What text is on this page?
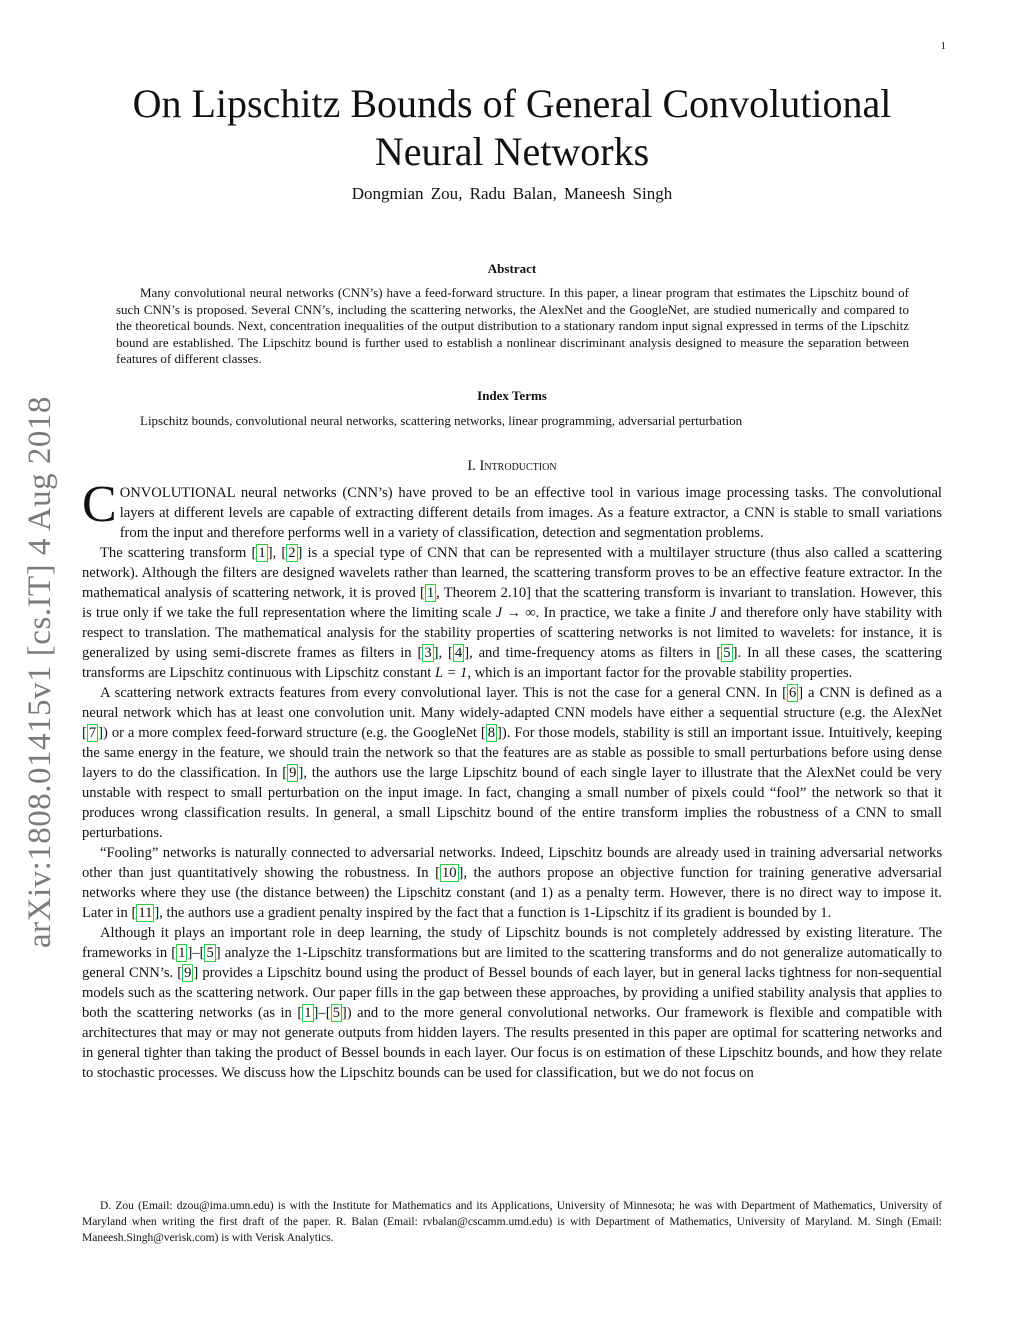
1
arXiv:1808.01415v1 [cs.IT] 4 Aug 2018
On Lipschitz Bounds of General Convolutional
Neural Networks
Dongmian Zou, Radu Balan, Maneesh Singh
Abstract

Many convolutional neural networks (CNN’s) have a feed-forward structure. In this paper, a linear program that estimates the Lipschitz bound of such CNN’s is proposed. Several CNN’s, including the scattering networks, the AlexNet and the GoogleNet, are studied numerically and compared to the theoretical bounds. Next, concentration inequalities of the output distribution to a stationary random input signal expressed in terms of the Lipschitz bound are established. The Lipschitz bound is further used to establish a nonlinear discriminant analysis designed to measure the separation between features of different classes.

Index Terms

Lipschitz bounds, convolutional neural networks, scattering networks, linear programming, adversarial perturbation

I. Introduction

CONVOLUTIONAL neural networks (CNN’s) have proved to be an effective tool in various image processing tasks. The convolutional layers at different levels are capable of extracting different details from images. As a feature extractor, a CNN is stable to small variations from the input and therefore performs well in a variety of classification, detection and segmentation problems.

The scattering transform [ 1 ], [ 2 ] is a special type of CNN that can be represented with a multilayer structure (thus also called a scattering network). Although the filters are designed wavelets rather than learned, the scattering transform proves to be an effective feature extractor. In the mathematical analysis of scattering network, it is proved [ 1 , Theorem 2.10] that the scattering transform is invariant to translation. However, this is true only if we take the full representation where the limiting scale J → ∞. In practice, we take a finite J and therefore only have stability with respect to translation. The mathematical analysis for the stability properties of scattering networks is not limited to wavelets: for instance, it is generalized by using semi-discrete frames as filters in [ 3 ], [ 4 ], and time-frequency atoms as filters in [ 5 ]. In all these cases, the scattering transforms are Lipschitz continuous with Lipschitz constant L = 1, which is an important factor for the provable stability properties.

A scattering network extracts features from every convolutional layer. This is not the case for a general CNN. In [ 6 ] a CNN is defined as a neural network which has at least one convolution unit. Many widely-adapted CNN models have either a sequential structure (e.g. the AlexNet [ 7 ]) or a more complex feed-forward structure (e.g. the GoogleNet [ 8 ]). For those models, stability is still an important issue. Intuitively, keeping the same energy in the feature, we should train the network so that the features are as stable as possible to small perturbations before using dense layers to do the classification. In [ 9 ], the authors use the large Lipschitz bound of each single layer to illustrate that the AlexNet could be very unstable with respect to small perturbation on the input image. In fact, changing a small number of pixels could “fool” the network so that it produces wrong classification results. In general, a small Lipschitz bound of the entire transform implies the robustness of a CNN to small perturbations.

“Fooling” networks is naturally connected to adversarial networks. Indeed, Lipschitz bounds are already used in training adversarial networks other than just quantitatively showing the robustness. In [ 10 ], the authors propose an objective function for training generative adversarial networks where they use (the distance between) the Lipschitz constant (and 1) as a penalty term. However, there is no direct way to impose it. Later in [ 11 ], the authors use a gradient penalty inspired by the fact that a function is 1-Lipschitz if its gradient is bounded by 1.

Although it plays an important role in deep learning, the study of Lipschitz bounds is not completely addressed by existing literature. The frameworks in [ 1 ]–[ 5 ] analyze the 1-Lipschitz transformations but are limited to the scattering transforms and do not generalize automatically to general CNN’s. [ 9 ] provides a Lipschitz bound using the product of Bessel bounds of each layer, but in general lacks tightness for non-sequential models such as the scattering network. Our paper fills in the gap between these approaches, by providing a unified stability analysis that applies to both the scattering networks (as in [ 1 ]–[ 5 ]) and to the more general convolutional networks. Our framework is flexible and compatible with architectures that may or may not generate outputs from hidden layers. The results presented in this paper are optimal for scattering networks and in general tighter than taking the product of Bessel bounds in each layer. Our focus is on estimation of these Lipschitz bounds, and how they relate to stochastic processes. We discuss how the Lipschitz bounds can be used for classification, but we do not focus on

D. Zou (Email: dzou@ima.umn.edu) is with the Institute for Mathematics and its Applications, University of Minnesota; he was with Department of Mathematics, University of Maryland when writing the first draft of the paper. R. Balan (Email: rvbalan@cscamm.umd.edu) is with Department of Mathematics, University of Maryland. M. Singh (Email: Maneesh.Singh@verisk.com) is with Verisk Analytics.
